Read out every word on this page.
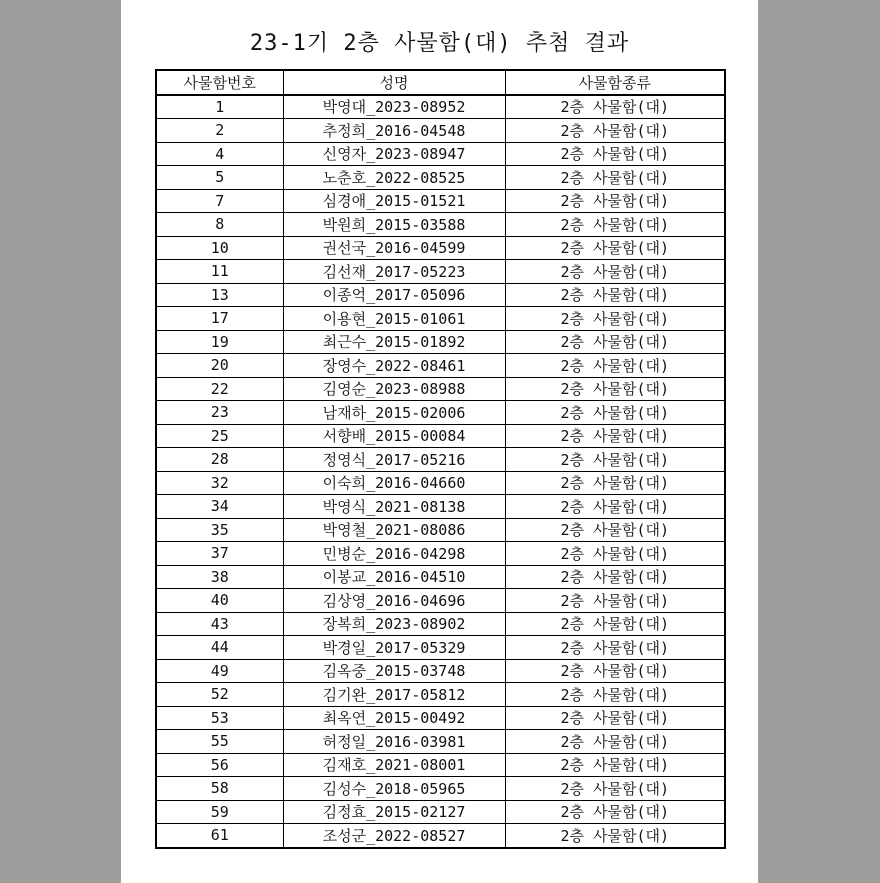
23-1기 2층 사물함(대) 추첨 결과
사물함번호	성명	사물함종류
1	박영대_2023-08952	2층 사물함(대)
2	추정희_2016-04548	2층 사물함(대)
4	신영자_2023-08947	2층 사물함(대)
5	노춘호_2022-08525	2층 사물함(대)
7	심경애_2015-01521	2층 사물함(대)
8	박원희_2015-03588	2층 사물함(대)
10	권선국_2016-04599	2층 사물함(대)
11	김선재_2017-05223	2층 사물함(대)
13	이종억_2017-05096	2층 사물함(대)
17	이용현_2015-01061	2층 사물함(대)
19	최근수_2015-01892	2층 사물함(대)
20	장영수_2022-08461	2층 사물함(대)
22	김영순_2023-08988	2층 사물함(대)
23	남재하_2015-02006	2층 사물함(대)
25	서향배_2015-00084	2층 사물함(대)
28	정영식_2017-05216	2층 사물함(대)
32	이숙희_2016-04660	2층 사물함(대)
34	박영식_2021-08138	2층 사물함(대)
35	박영철_2021-08086	2층 사물함(대)
37	민병순_2016-04298	2층 사물함(대)
38	이봉교_2016-04510	2층 사물함(대)
40	김상영_2016-04696	2층 사물함(대)
43	장복희_2023-08902	2층 사물함(대)
44	박경일_2017-05329	2층 사물함(대)
49	김옥중_2015-03748	2층 사물함(대)
52	김기완_2017-05812	2층 사물함(대)
53	최옥연_2015-00492	2층 사물함(대)
55	허정일_2016-03981	2층 사물함(대)
56	김재호_2021-08001	2층 사물함(대)
58	김성수_2018-05965	2층 사물함(대)
59	김정효_2015-02127	2층 사물함(대)
61	조성군_2022-08527	2층 사물함(대)
